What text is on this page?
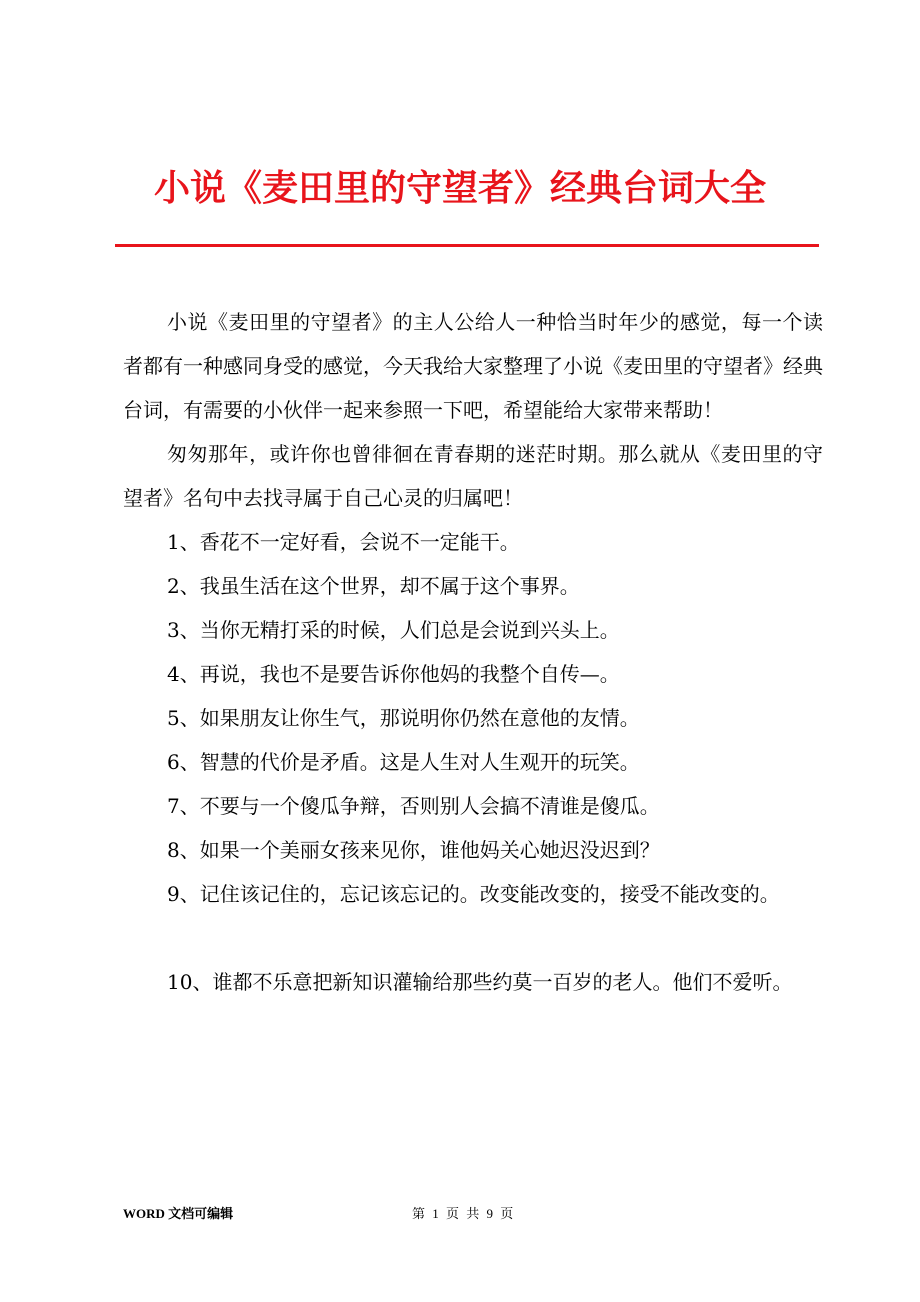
小说《麦田里的守望者》经典台词大全

小说《麦田里的守望者》的主人公给人一种恰当时年少的感觉，每一个读者都有一种感同身受的感觉，今天我给大家整理了小说《麦田里的守望者》经典台词，有需要的小伙伴一起来参照一下吧，希望能给大家带来帮助！

匆匆那年，或许你也曾徘徊在青春期的迷茫时期。那么就从《麦田里的守望者》名句中去找寻属于自己心灵的归属吧！

1、香花不一定好看，会说不一定能干。

2、我虽生活在这个世界，却不属于这个事界。

3、当你无精打采的时候，人们总是会说到兴头上。

4、再说，我也不是要告诉你他妈的我整个自传—。

5、如果朋友让你生气，那说明你仍然在意他的友情。

6、智慧的代价是矛盾。这是人生对人生观开的玩笑。

7、不要与一个傻瓜争辩，否则别人会搞不清谁是傻瓜。

8、如果一个美丽女孩来见你，谁他妈关心她迟没迟到？

9、记住该记住的，忘记该忘记的。改变能改变的，接受不能改变的。

10、谁都不乐意把新知识灌输给那些约莫一百岁的老人。他们不爱听。

WORD 文档可编辑	第 1 页 共 9 页
